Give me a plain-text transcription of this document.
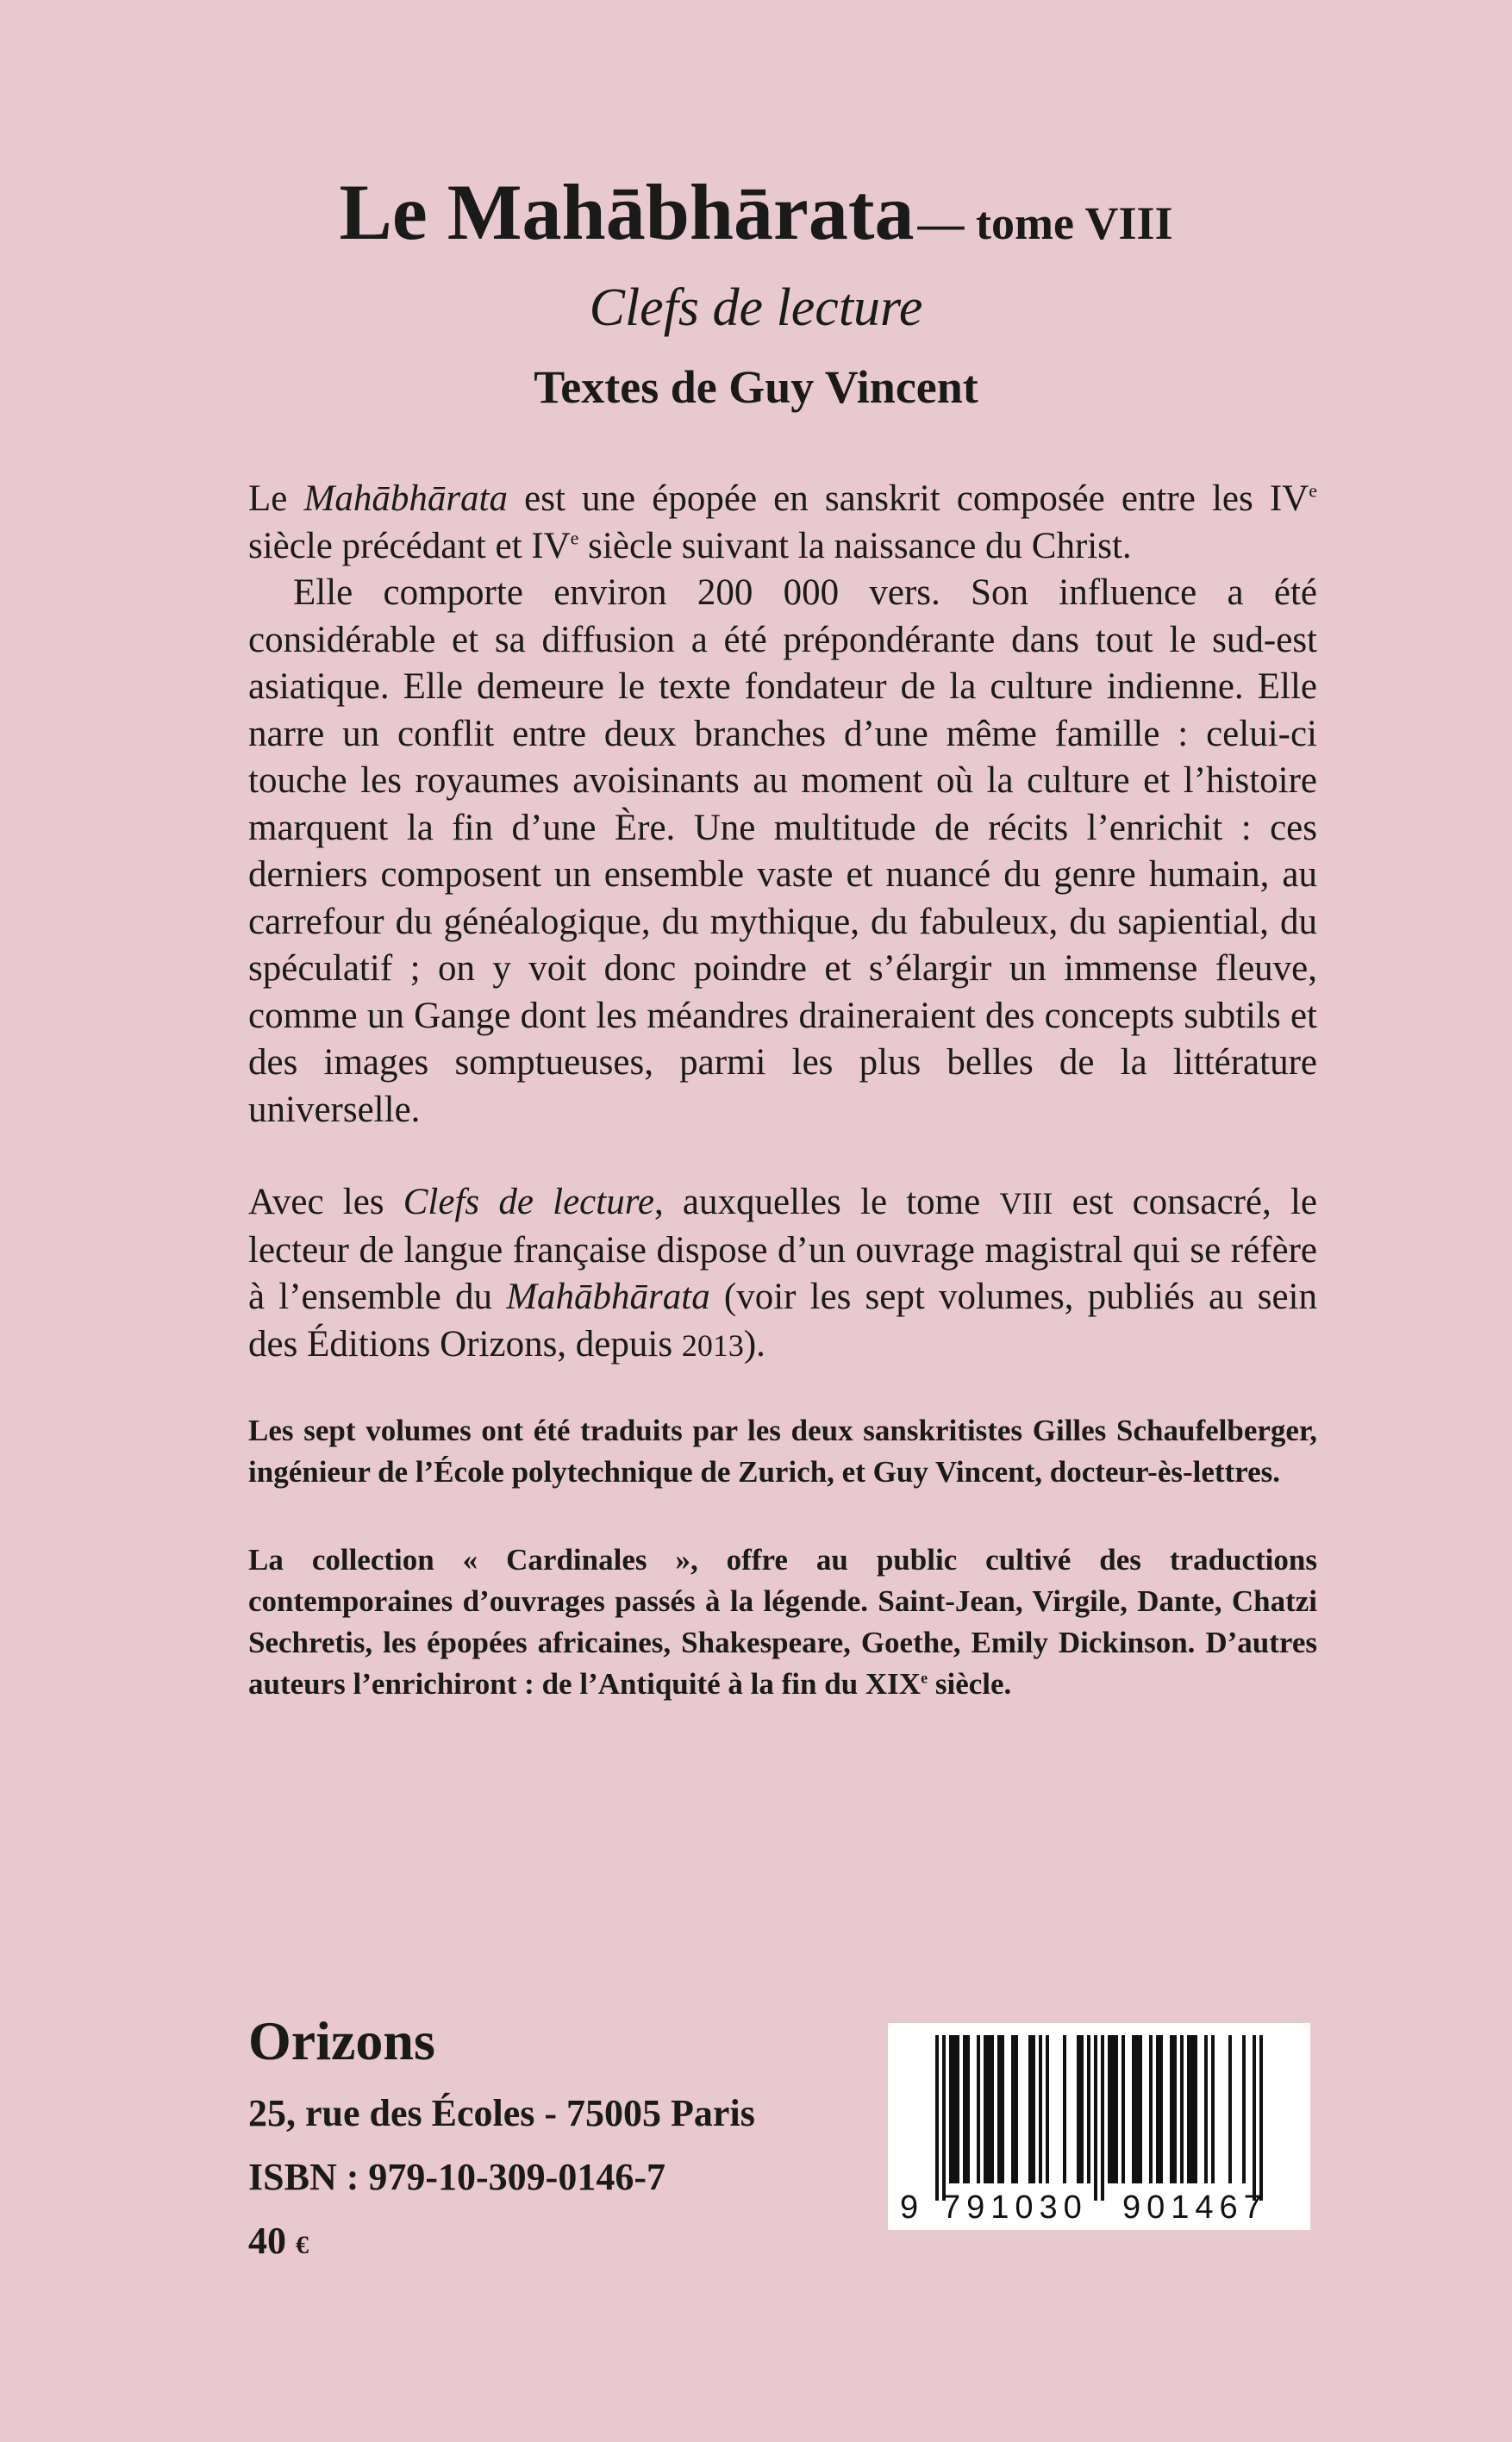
Le Mahābhārata — tome VIII
Clefs de lecture
Textes de Guy Vincent

Le Mahābhārata est une épopée en sanskrit composée entre les IVe siècle précédant et IVe siècle suivant la naissance du Christ.

Elle comporte environ 200 000 vers. Son influence a été considérable et sa diffusion a été prépondérante dans tout le sud-est asiatique. Elle demeure le texte fondateur de la culture indienne. Elle narre un conflit entre deux branches d’une même famille : celui-ci touche les royaumes avoisinants au moment où la culture et l’histoire marquent la fin d’une Ère. Une multitude de récits l’enrichit : ces derniers composent un ensemble vaste et nuancé du genre humain, au carrefour du généalogique, du mythique, du fabuleux, du sapiential, du spéculatif ; on y voit donc poindre et s’élargir un immense fleuve, comme un Gange dont les méandres draineraient des concepts subtils et des images somptueuses, parmi les plus belles de la littérature universelle.

Avec les Clefs de lecture, auxquelles le tome VIII est consacré, le lecteur de langue française dispose d’un ouvrage magistral qui se réfère à l’ensemble du Mahābhārata (voir les sept volumes, publiés au sein des Éditions Orizons, depuis 2013).

Les sept volumes ont été traduits par les deux sanskritistes Gilles Schaufelberger, ingénieur de l’École polytechnique de Zurich, et Guy Vincent, docteur-ès-lettres.

La collection « Cardinales », offre au public cultivé des traductions contemporaines d’ouvrages passés à la légende. Saint-Jean, Virgile, Dante, Chatzi Sechretis, les épopées africaines, Shakespeare, Goethe, Emily Dickinson. D’autres auteurs l’enrichiront : de l’Antiquité à la fin du XIXe siècle.

Orizons

25, rue des Écoles - 75005 Paris

ISBN : 979-10-309-0146-7

40 €

9 791030 901467
